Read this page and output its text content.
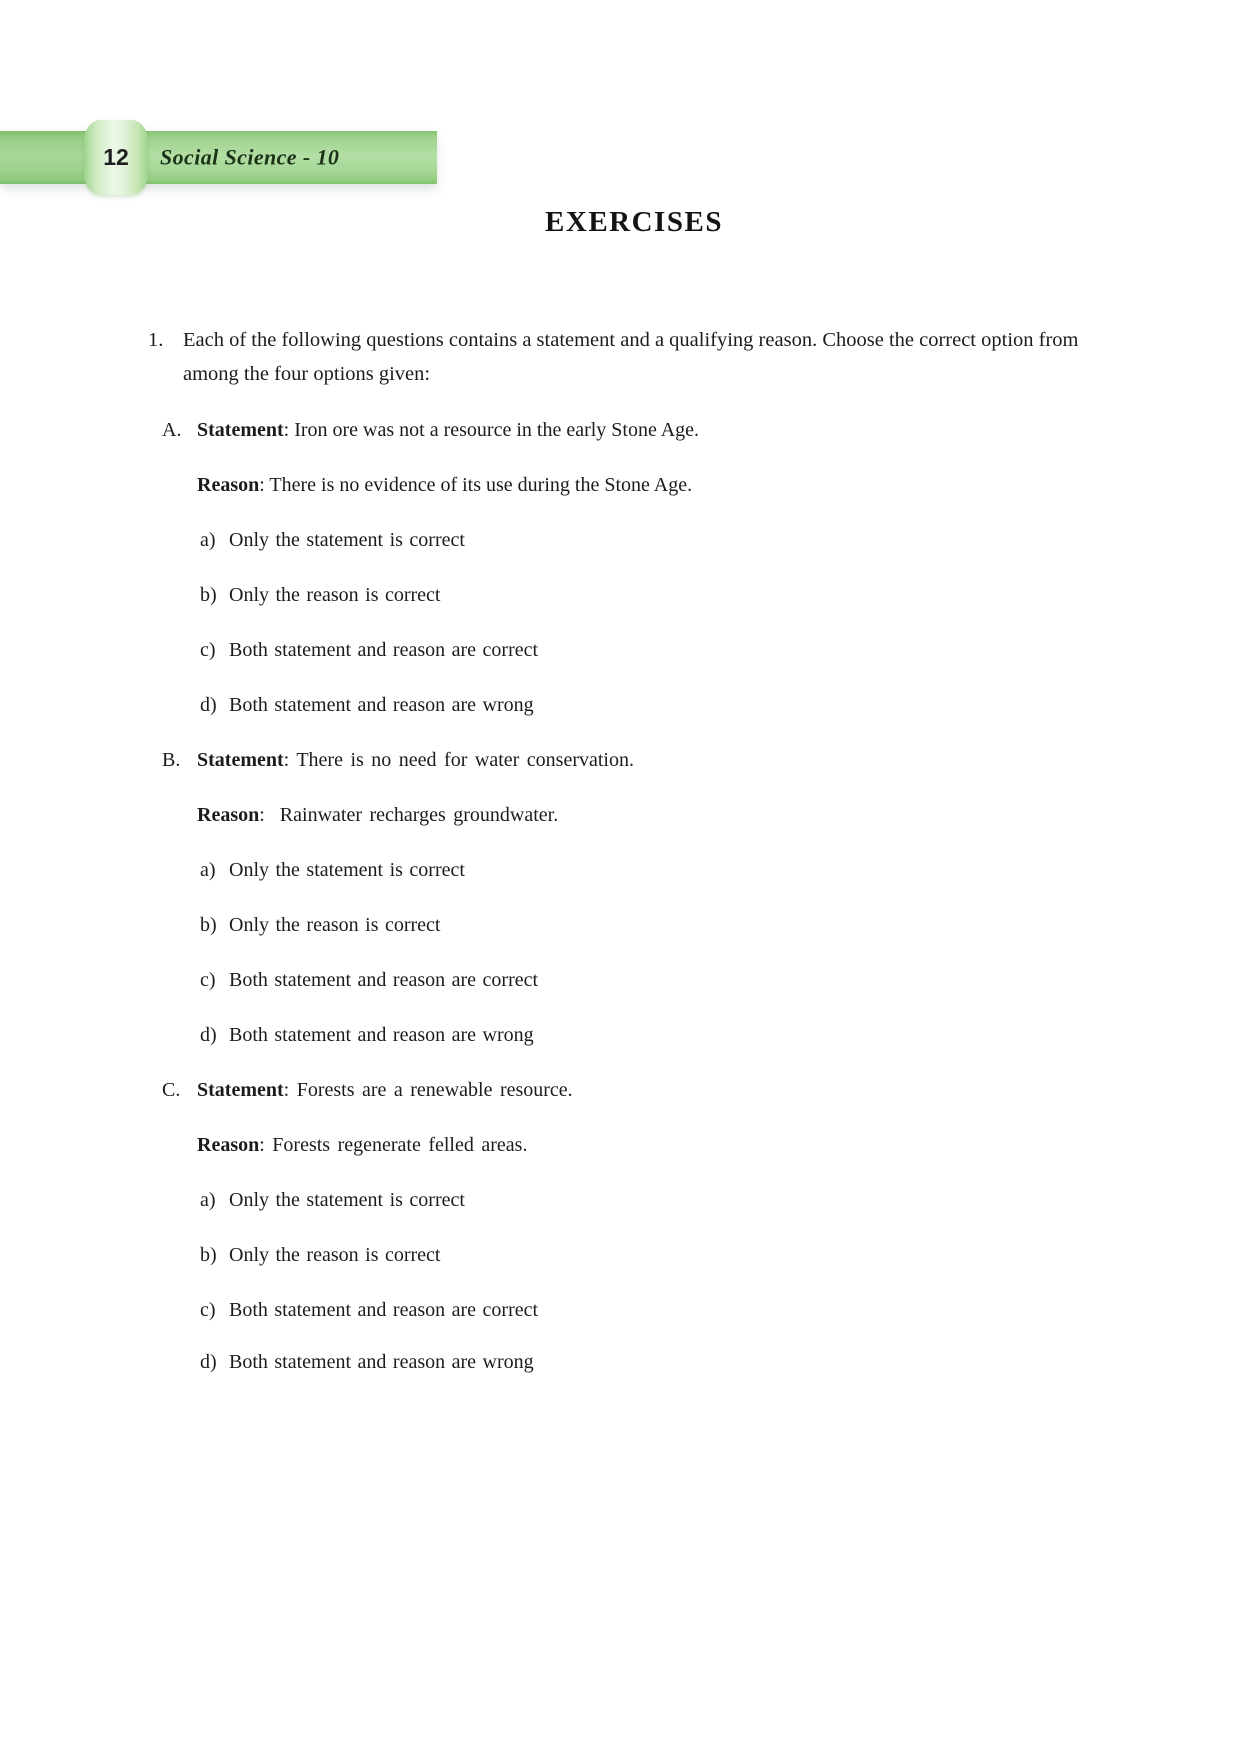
12 Social Science - 10
EXERCISES
1. Each of the following questions contains a statement and a qualifying reason. Choose the correct option from among the four options given:
A. Statement: Iron ore was not a resource in the early Stone Age.
Reason: There is no evidence of its use during the Stone Age.
a) Only the statement is correct
b) Only the reason is correct
c) Both statement and reason are correct
d) Both statement and reason are wrong
B. Statement: There is no need for water conservation.
Reason:  Rainwater recharges groundwater.
a) Only the statement is correct
b) Only the reason is correct
c) Both statement and reason are correct
d) Both statement and reason are wrong
C. Statement: Forests are a renewable resource.
Reason: Forests regenerate felled areas.
a) Only the statement is correct
b) Only the reason is correct
c) Both statement and reason are correct
d) Both statement and reason are wrong
